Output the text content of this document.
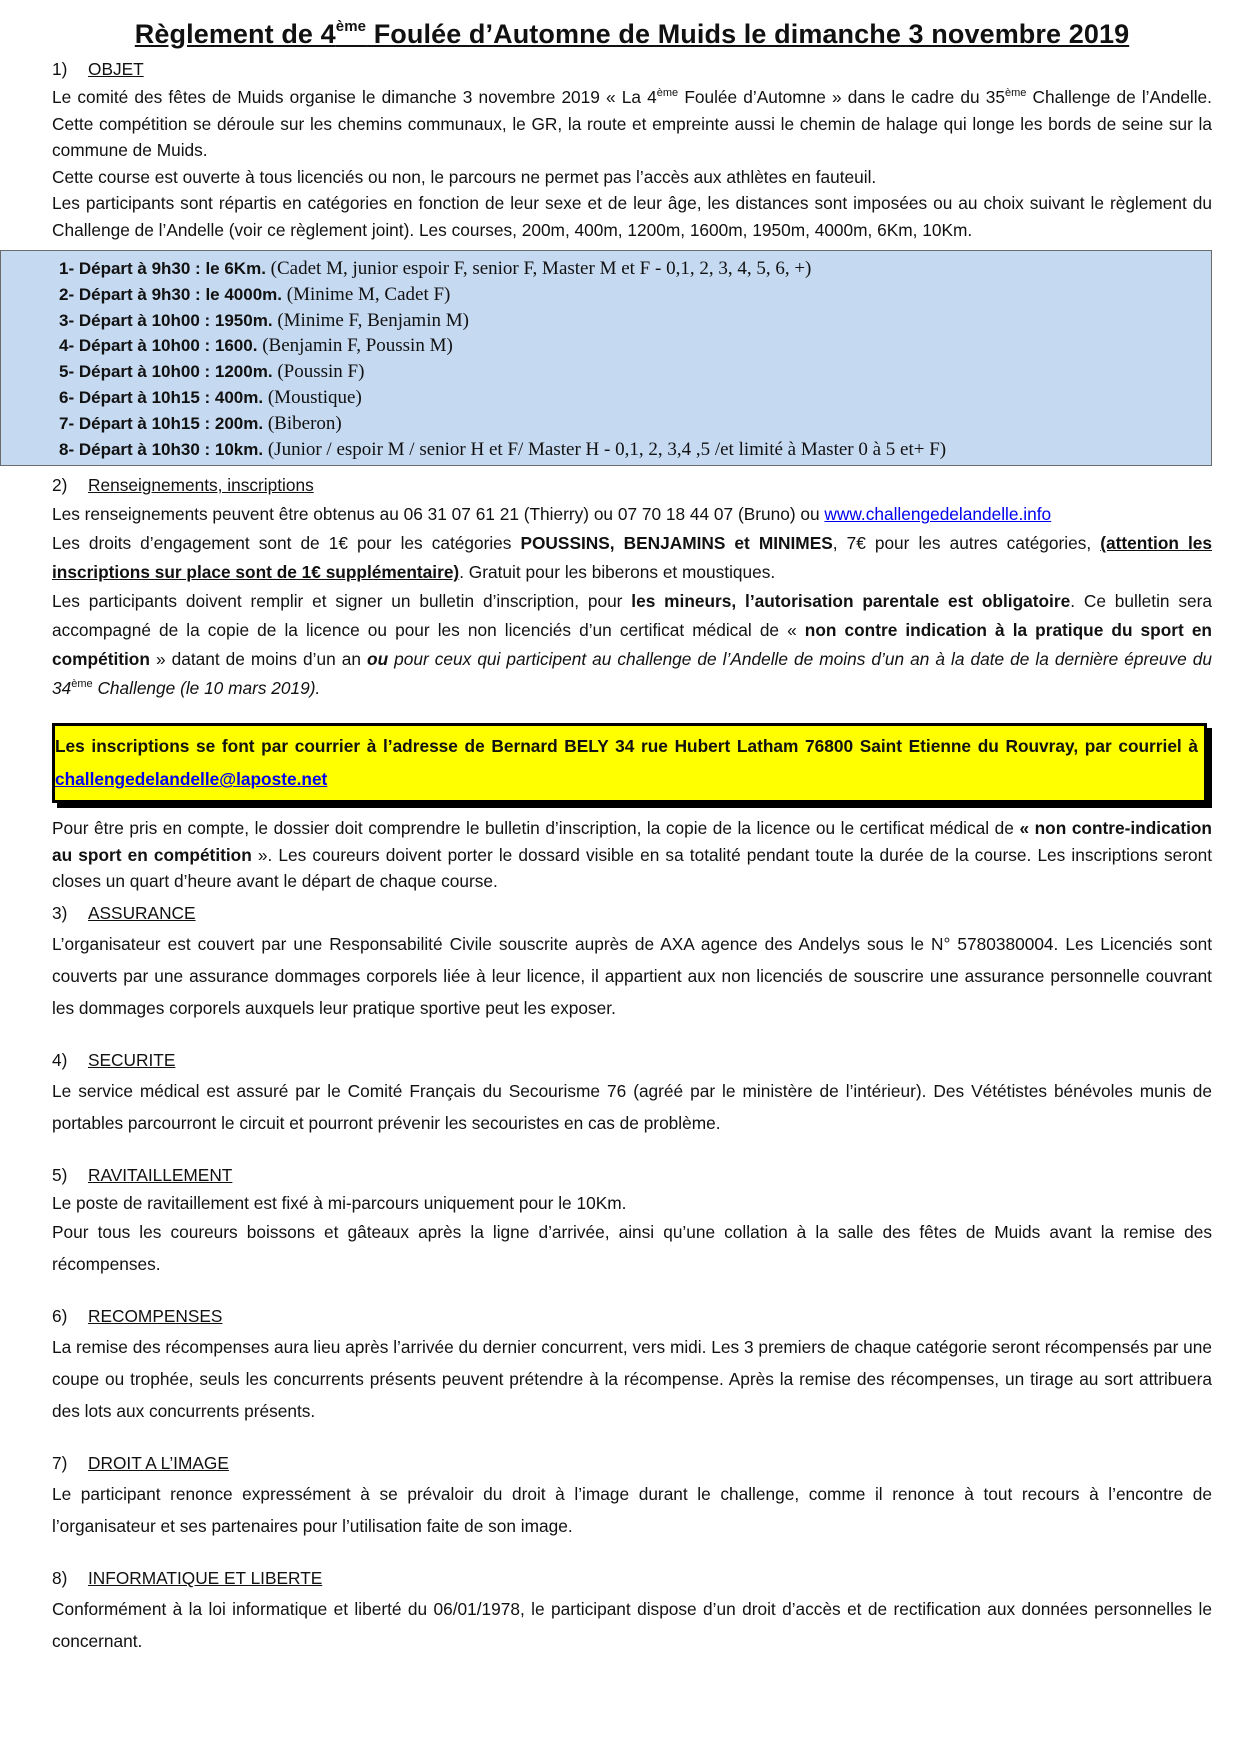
Règlement de 4ème Foulée d’Automne de Muids le dimanche 3 novembre 2019
1) OBJET

Le comité des fêtes de Muids organise le dimanche 3 novembre 2019 « La 4ème Foulée d’Automne » dans le cadre du 35ème Challenge de l’Andelle. Cette compétition se déroule sur les chemins communaux, le GR, la route et empreinte aussi le chemin de halage qui longe les bords de seine sur la commune de Muids.

Cette course est ouverte à tous licenciés ou non, le parcours ne permet pas l’accès aux athlètes en fauteuil.

Les participants sont répartis en catégories en fonction de leur sexe et de leur âge, les distances sont imposées ou au choix suivant le règlement du Challenge de l’Andelle (voir ce règlement joint). Les courses, 200m, 400m, 1200m, 1600m, 1950m, 4000m, 6Km, 10Km.

1- Départ à 9h30 : le 6Km. (Cadet M, junior espoir F, senior F, Master M et F - 0,1, 2, 3, 4, 5, 6, +)
2- Départ à 9h30 : le 4000m. (Minime M, Cadet F)
3- Départ à 10h00 : 1950m. (Minime F, Benjamin M)
4- Départ à 10h00 : 1600. (Benjamin F, Poussin M)
5- Départ à 10h00 : 1200m. (Poussin F)
6- Départ à 10h15 : 400m. (Moustique)
7- Départ à 10h15 : 200m. (Biberon)
8- Départ à 10h30 : 10km. (Junior / espoir M / senior H et F/ Master H - 0,1, 2, 3,4 ,5 /et limité à Master 0 à 5 et+ F)
2) Renseignements, inscriptions

Les renseignements peuvent être obtenus au 06 31 07 61 21 (Thierry) ou 07 70 18 44 07 (Bruno) ou www.challengedelandelle.info

Les droits d’engagement sont de 1€ pour les catégories POUSSINS, BENJAMINS et MINIMES, 7€ pour les autres catégories, (attention les inscriptions sur place sont de 1€ supplémentaire). Gratuit pour les biberons et moustiques.

Les participants doivent remplir et signer un bulletin d’inscription, pour les mineurs, l’autorisation parentale est obligatoire. Ce bulletin sera accompagné de la copie de la licence ou pour les non licenciés d’un certificat médical de « non contre indication à la pratique du sport en compétition » datant de moins d’un an ou pour ceux qui participent au challenge de l’Andelle de moins d’un an à la date de la dernière épreuve du 34ème Challenge (le 10 mars 2019).

Les inscriptions se font par courrier à l’adresse de Bernard BELY 34 rue Hubert Latham 76800 Saint Etienne du Rouvray, par courriel à challengedelandelle@laposte.net

Pour être pris en compte, le dossier doit comprendre le bulletin d’inscription, la copie de la licence ou le certificat médical de « non contre-indication au sport en compétition ». Les coureurs doivent porter le dossard visible en sa totalité pendant toute la durée de la course. Les inscriptions seront closes un quart d’heure avant le départ de chaque course.

3) ASSURANCE

L’organisateur est couvert par une Responsabilité Civile souscrite auprès de AXA agence des Andelys sous le N° 5780380004. Les Licenciés sont couverts par une assurance dommages corporels liée à leur licence, il appartient aux non licenciés de souscrire une assurance personnelle couvrant les dommages corporels auxquels leur pratique sportive peut les exposer.

4) SECURITE

Le service médical est assuré par le Comité Français du Secourisme 76 (agréé par le ministère de l’intérieur). Des Vététistes bénévoles munis de portables parcourront le circuit et pourront prévenir les secouristes en cas de problème.

5) RAVITAILLEMENT

Le poste de ravitaillement est fixé à mi-parcours uniquement pour le 10Km.

Pour tous les coureurs boissons et gâteaux après la ligne d’arrivée, ainsi qu’une collation à la salle des fêtes de Muids avant la remise des récompenses.

6) RECOMPENSES

La remise des récompenses aura lieu après l’arrivée du dernier concurrent, vers midi. Les 3 premiers de chaque catégorie seront récompensés par une coupe ou trophée, seuls les concurrents présents peuvent prétendre à la récompense. Après la remise des récompenses, un tirage au sort attribuera des lots aux concurrents présents.

7) DROIT A L’IMAGE

Le participant renonce expressément à se prévaloir du droit à l’image durant le challenge, comme il renonce à tout recours à l’encontre de l’organisateur et ses partenaires pour l’utilisation faite de son image.

8) INFORMATIQUE ET LIBERTE

Conformément à la loi informatique et liberté du 06/01/1978, le participant dispose d’un droit d’accès et de rectification aux données personnelles le concernant.
